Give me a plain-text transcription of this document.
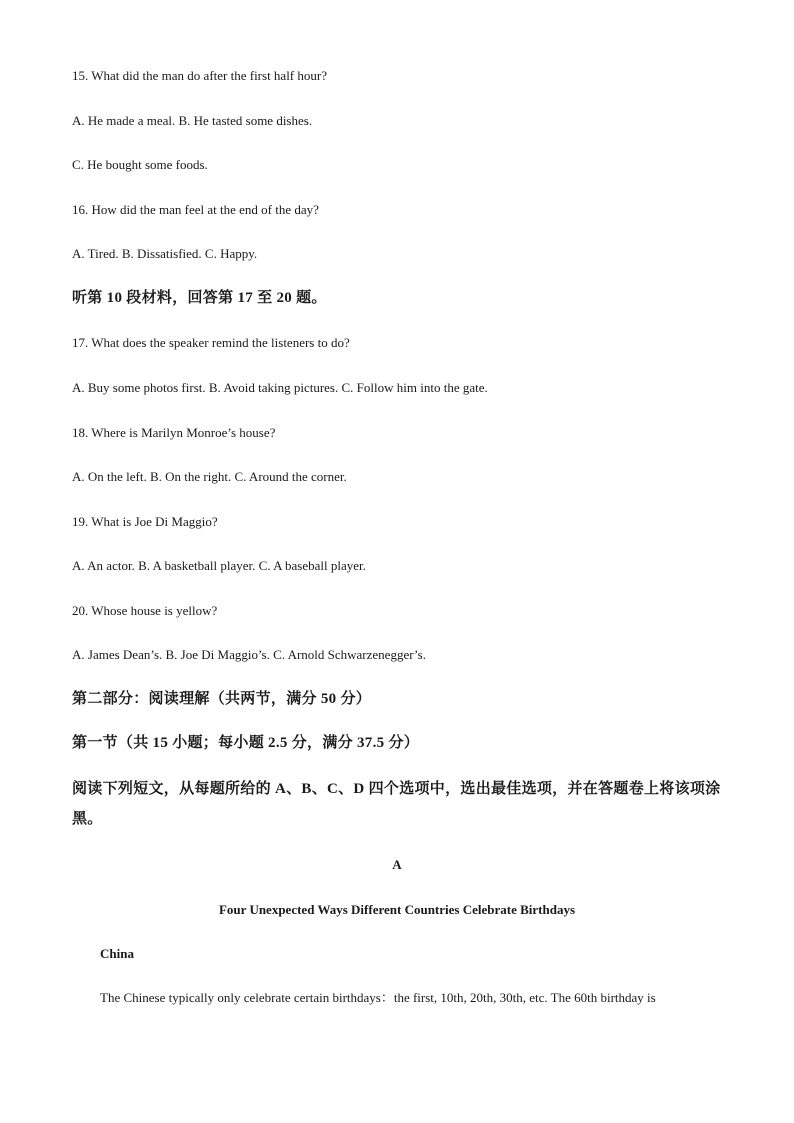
15. What did the man do after the first half hour?
A. He made a meal. B. He tasted some dishes.
C. He bought some foods.
16. How did the man feel at the end of the day?
A. Tired. B. Dissatisfied. C. Happy.
听第 10 段材料，回答第 17 至 20 题。
17. What does the speaker remind the listeners to do?
A. Buy some photos first. B. Avoid taking pictures. C. Follow him into the gate.
18. Where is Marilyn Monroe’s house?
A. On the left. B. On the right. C. Around the corner.
19. What is Joe Di Maggio?
A. An actor. B. A basketball player. C. A baseball player.
20. Whose house is yellow?
A. James Dean’s. B. Joe Di Maggio’s. C. Arnold Schwarzenegger’s.
第二部分：阅读理解（共两节，满分 50 分）
第一节（共 15 小题；每小题 2.5 分，满分 37.5 分）
阅读下列短文，从每题所给的 A、B、C、D 四个选项中，选出最佳选项，并在答题卷上将该项涂黑。
A
Four Unexpected Ways Different Countries Celebrate Birthdays
China
The Chinese typically only celebrate certain birthdays：the first, 10th, 20th, 30th, etc. The 60th birthday is
